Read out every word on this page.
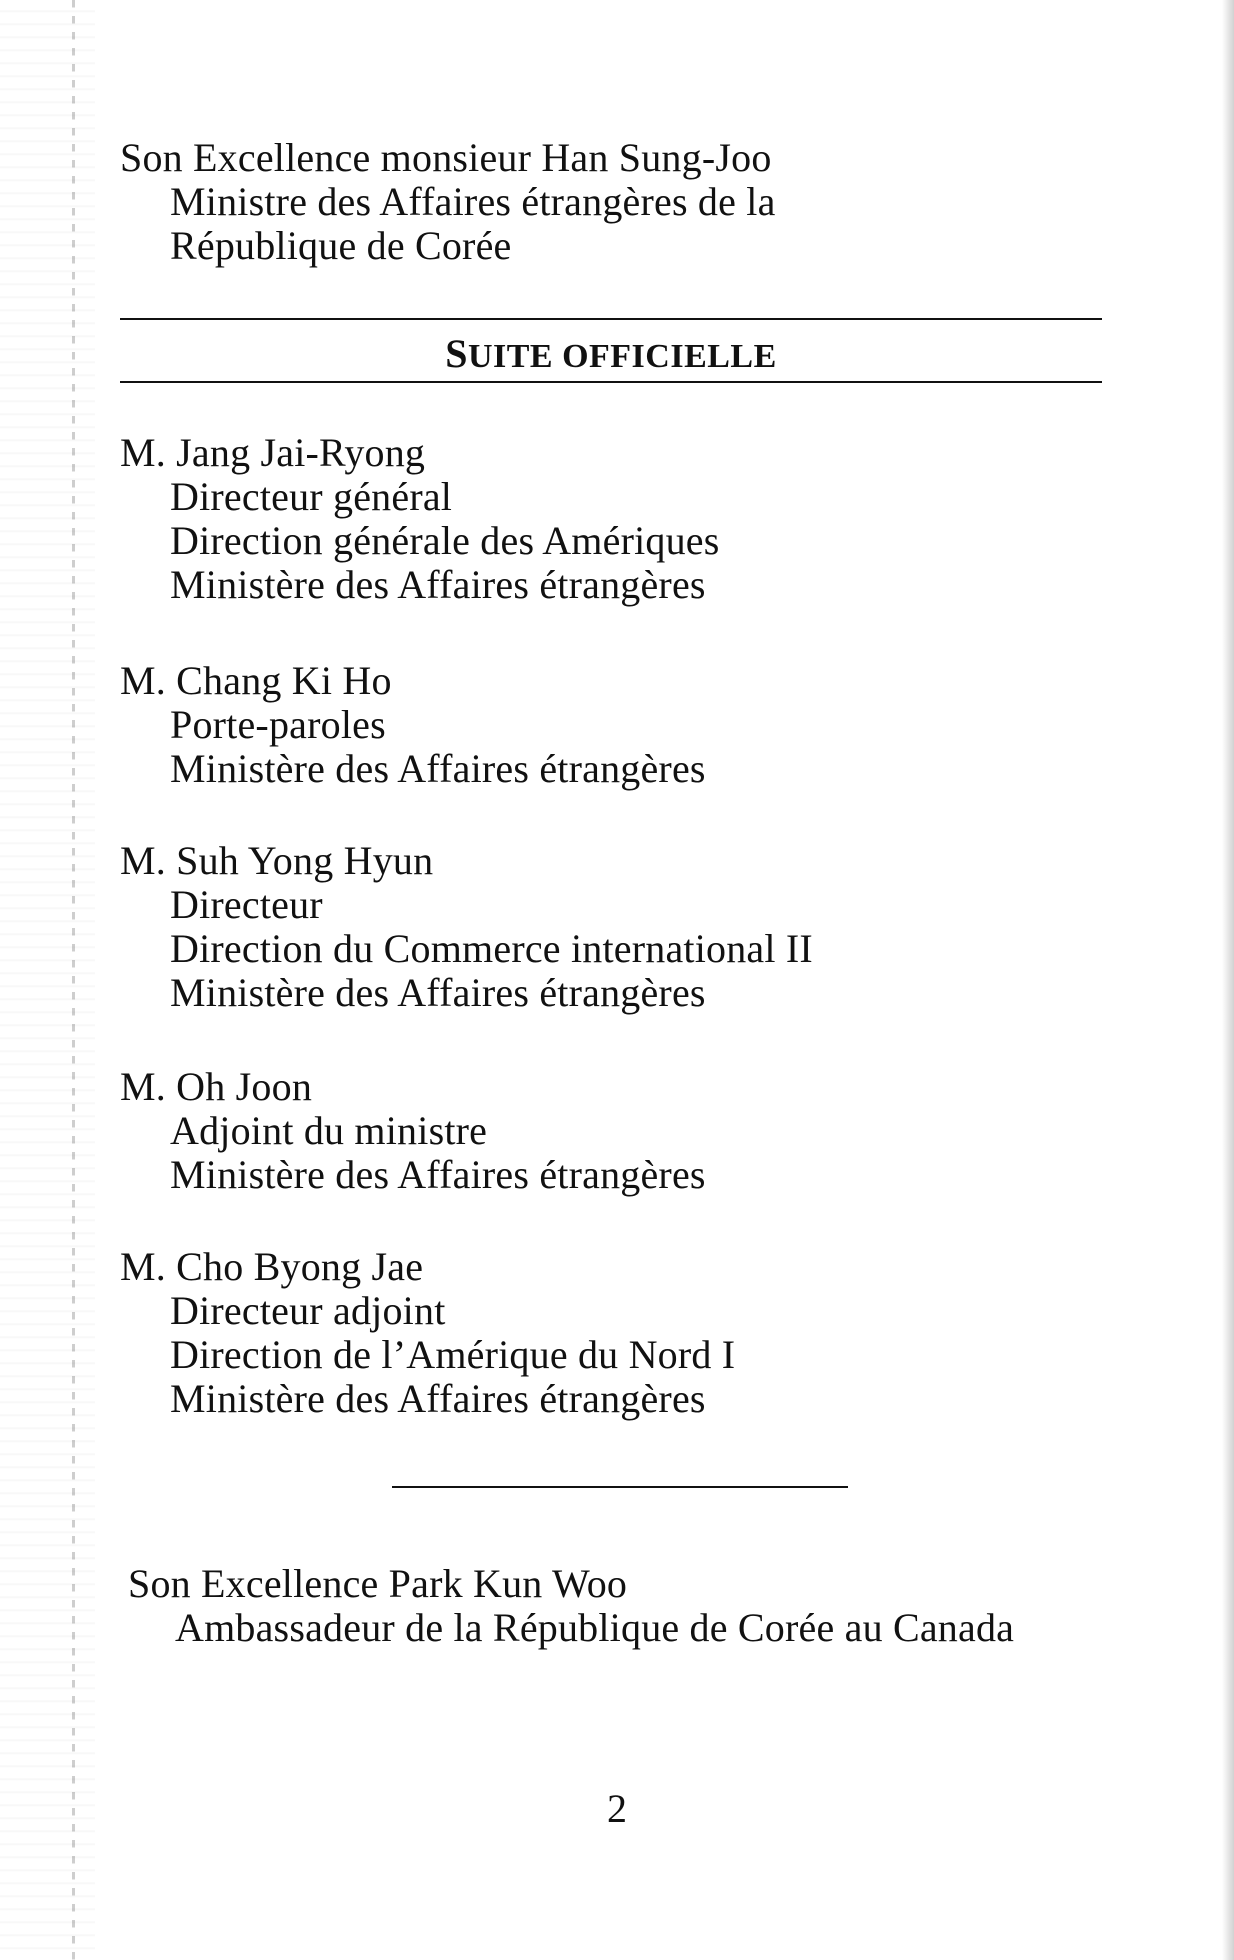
Son Excellence monsieur Han Sung-Joo
Ministre des Affaires étrangères de la
République de Corée
SUITE OFFICIELLE
M. Jang Jai-Ryong
Directeur général
Direction générale des Amériques
Ministère des Affaires étrangères
M. Chang Ki Ho
Porte-paroles
Ministère des Affaires étrangères
M. Suh Yong Hyun
Directeur
Direction du Commerce international II
Ministère des Affaires étrangères
M. Oh Joon
Adjoint du ministre
Ministère des Affaires étrangères
M. Cho Byong Jae
Directeur adjoint
Direction de l’Amérique du Nord I
Ministère des Affaires étrangères
Son Excellence Park Kun Woo
Ambassadeur de la République de Corée au Canada
2
